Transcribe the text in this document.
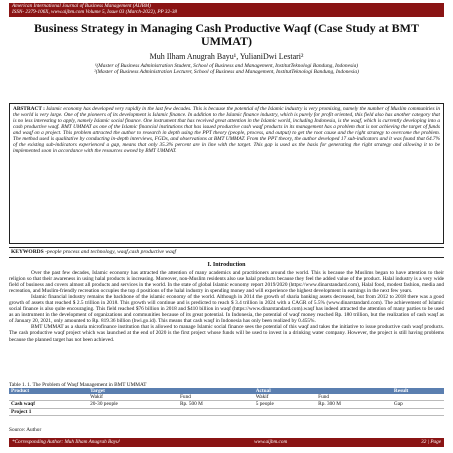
American International Journal of Business Management (AIJBM)
ISSN- 2379-106X, www.aijbm.com Volume 5, Issue 03 (March-2022), PP 32-38
Business Strategy in Managing Cash Productive Waqf (Case Study at BMT UMMAT)
Muh Ilham Anugrah Bayu¹, YulianiDwi Lestari²
¹(Master of Business Administration Student, School of Business and Management, InstitutTeknologi Bandung, Indonesia)
²(Master of Business Administration Lecturer, School of Business and Management, InstitutTeknologi Bandung, Indonesia)
ABSTRACT : Islamic economy has developed very rapidly in the last few decades. This is because the potential of the Islamic industry is very promising, namely the number of Muslim communities in the world is very large. One of the pioneers of its development is Islamic finance. In addition to the Islamic finance industry, which is purely for profit oriented, this field also has another category that is no less interesting to apply, namely Islamic social finance. One instrument that has received great attention in the Islamic world, including Indonesia, is the waqf, which is currently developing into a cash productive waqf. BMT UMMAT as one of the Islamic financial institutions that has issued productive cash waqf products in its management has a problem that is not achieving the target of funds and waqf on a project. This problem attracted the author to research in depth using the PPT theory (people, process, and output) to get the root cause and the right strategy to overcome the problem. The method used is qualitative by conducting in-depth interviews, FGDs, and observations at BMT UMMAT. From the PPT theory, the author developed 17 sub-indicators and it was found that 64.7% of the existing sub-indicators experienced a gap, means that only 35.3% percent are in line with the target. This gap is used as the basis for generating the right strategy and allowing it to be implemented soon in accordance with the resources owned by BMT UMMAT.
KEYWORDS -people process and technology, waqf,cash productive waqf
I. Introduction

Over the past few decades, Islamic economy has attracted the attention of many academics and practitioners around the world. This is because the Muslims began to have attention to their religion so that their awareness in using halal products is increasing. Moreover, non-Muslim residents also use halal products because they feel the added value of the product. Halal industry is a very wide field of business and covers almost all products and services in the world. In the state of global Islamic economy report 2019/2020 (https://www.dinarstandard.com), Halal food, modest fashion, media and recreation, and Muslim-friendly recreation occupies the top 4 positions of the halal industry in spending money and will experience the highest development in earnings in the next few years.

Islamic financial industry remains the backbone of the islamic economy of the world. Although in 2014 the growth of sharia banking assets decreased, but from 2012 to 2018 there was a good growth of assets that reached $ 2.5 trillion in 2018. This growth will continue and is predicted to reach $ 3.4 trillion in 2024 with a CAGR of 5.5% (www.dinarstandard.com). The achievement of Islamic social finance is also quite encouraging. This field reached $76 billion in 2018 and $410 billion in waqf (https://www.dinarstandard.com).waqf has indeed attracted the attention of many parties to be used as an instrument in the development of organizations and communities because of its great potential. In Indonesia, the potential of waqf money reached Rp. 180 trillion, but the realization of cash waqf as of January 20, 2021, only amounted to Rp. 819.36 billion (bwi.go.id). This means that cash waqf in Indonesia has only been realized by 0.455%.

BMT UMMAT as a sharia microfinance institution that is allowed to manage Islamic social finance sees the potential of this waqf and takes the initiative to issue productive cash waqf products. The cash productive waqf project which was launched at the end of 2020 is the first project whose funds will be used to invest in a drinking water company. However, the project is still having problems because the planned target has not been achieved.

Table 1. 1. The Problem of Waqf Management in BMT UMMAT
Product	Target		Actual		Result
	Wakif	Fund	Wakif	Fund	
Cash waqf	20-30 people	Rp. 500 M	5 people	Rp. 300 M	Gap
Project 1					
Source: Author
*Corresponding Author: Muh Ilham Anugrah Bayu¹	www.aijbm.com	32 | Page
